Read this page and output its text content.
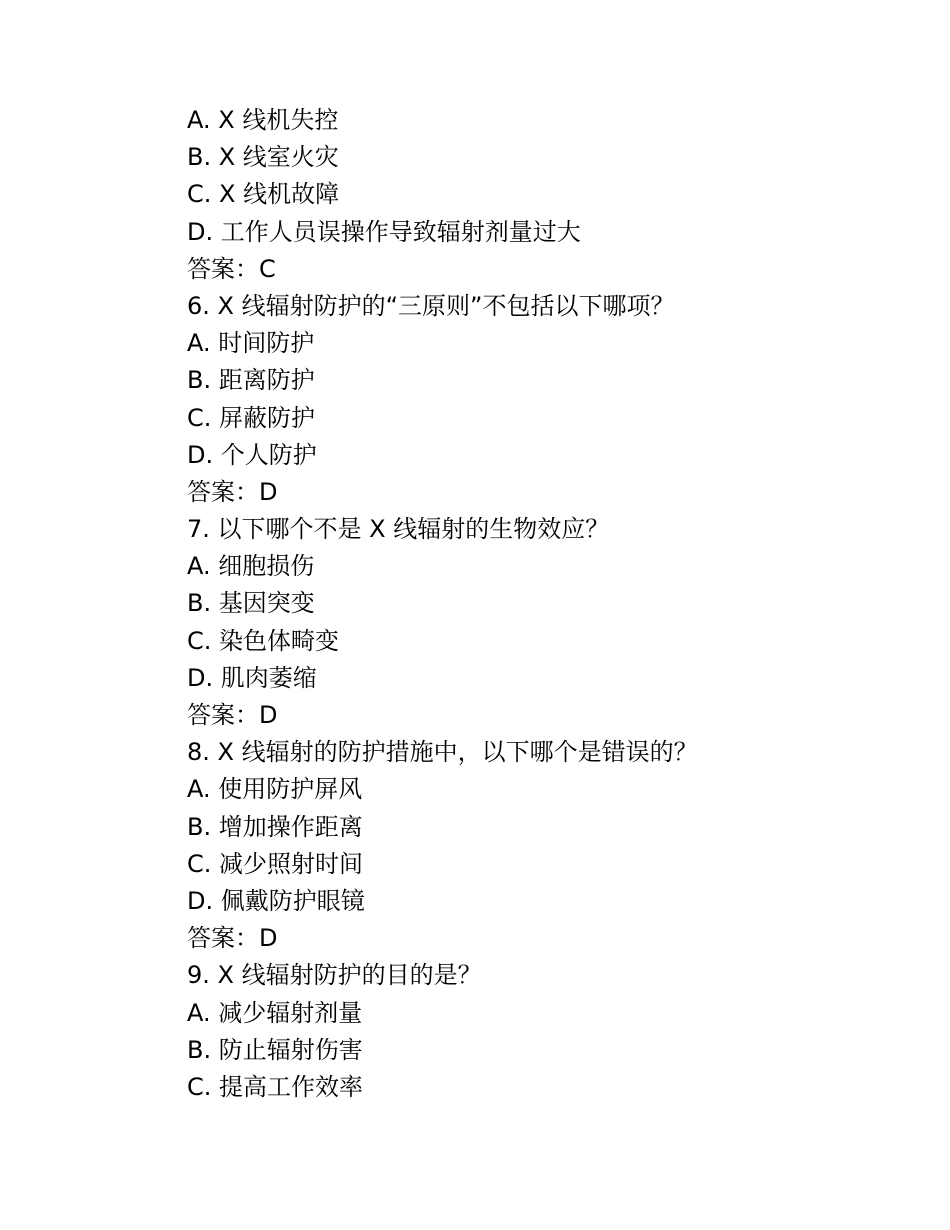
A. X 线机失控
B. X 线室火灾
C. X 线机故障
D. 工作人员误操作导致辐射剂量过大
答案：C
6. X 线辐射防护的“三原则”不包括以下哪项？
A. 时间防护
B. 距离防护
C. 屏蔽防护
D. 个人防护
答案：D
7. 以下哪个不是 X 线辐射的生物效应？
A. 细胞损伤
B. 基因突变
C. 染色体畸变
D. 肌肉萎缩
答案：D
8. X 线辐射的防护措施中，以下哪个是错误的？
A. 使用防护屏风
B. 增加操作距离
C. 减少照射时间
D. 佩戴防护眼镜
答案：D
9. X 线辐射防护的目的是？
A. 减少辐射剂量
B. 防止辐射伤害
C. 提高工作效率
